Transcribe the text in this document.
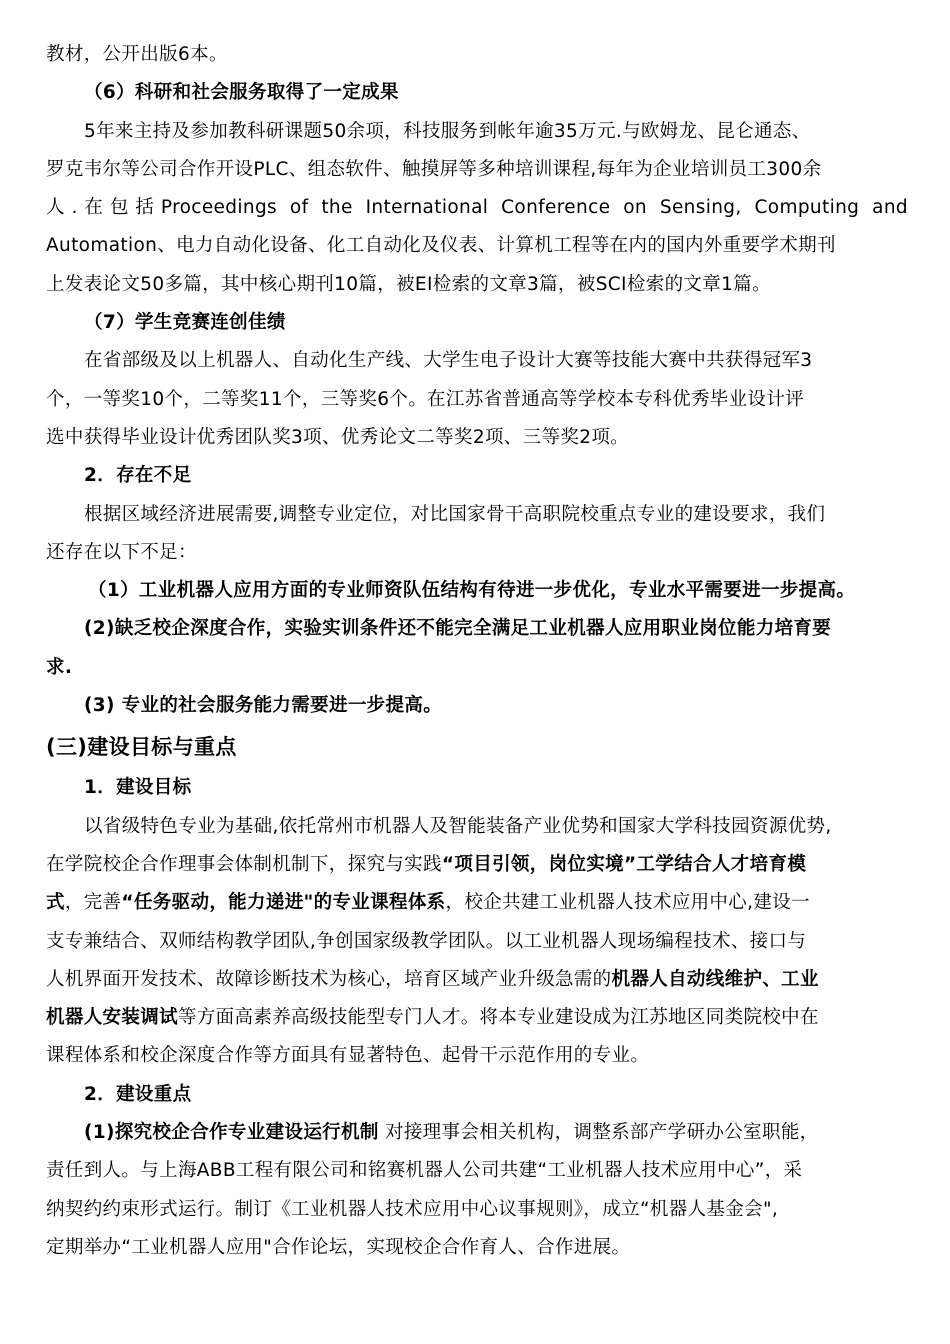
教材，公开出版6本。
（6）科研和社会服务取得了一定成果
5年来主持及参加教科研课题50余项，科技服务到帐年逾35万元.与欧姆龙、昆仑通态、
罗克韦尔等公司合作开设PLC、组态软件、触摸屏等多种培训课程,每年为企业培训员工300余
人.在包括Proceedings of the International Conference on Sensing, Computing and
Automation、电力自动化设备、化工自动化及仪表、计算机工程等在内的国内外重要学术期刊
上发表论文50多篇，其中核心期刊10篇，被EI检索的文章3篇，被SCI检索的文章1篇。
（7）学生竞赛连创佳绩
在省部级及以上机器人、自动化生产线、大学生电子设计大赛等技能大赛中共获得冠军3
个，一等奖10个，二等奖11个，三等奖6个。在江苏省普通高等学校本专科优秀毕业设计评
选中获得毕业设计优秀团队奖3项、优秀论文二等奖2项、三等奖2项。
2．存在不足
根据区域经济进展需要,调整专业定位，对比国家骨干高职院校重点专业的建设要求，我们
还存在以下不足：
（1）工业机器人应用方面的专业师资队伍结构有待进一步优化，专业水平需要进一步提高。
(2)缺乏校企深度合作，实验实训条件还不能完全满足工业机器人应用职业岗位能力培育要
求.
(3) 专业的社会服务能力需要进一步提高。
(三)建设目标与重点
1．建设目标
以省级特色专业为基础,依托常州市机器人及智能装备产业优势和国家大学科技园资源优势,
在学院校企合作理事会体制机制下，探究与实践“项目引领，岗位实境”工学结合人才培育模
式，完善“任务驱动，能力递进"的专业课程体系，校企共建工业机器人技术应用中心,建设一
支专兼结合、双师结构教学团队,争创国家级教学团队。以工业机器人现场编程技术、接口与
人机界面开发技术、故障诊断技术为核心，培育区域产业升级急需的机器人自动线维护、工业
机器人安装调试等方面高素养高级技能型专门人才。将本专业建设成为江苏地区同类院校中在
课程体系和校企深度合作等方面具有显著特色、起骨干示范作用的专业。
2．建设重点
(1)探究校企合作专业建设运行机制 对接理事会相关机构，调整系部产学研办公室职能，
责任到人。与上海ABB工程有限公司和铭赛机器人公司共建“工业机器人技术应用中心”，采
纳契约约束形式运行。制订《工业机器人技术应用中心议事规则》，成立“机器人基金会",
定期举办“工业机器人应用"合作论坛，实现校企合作育人、合作进展。
